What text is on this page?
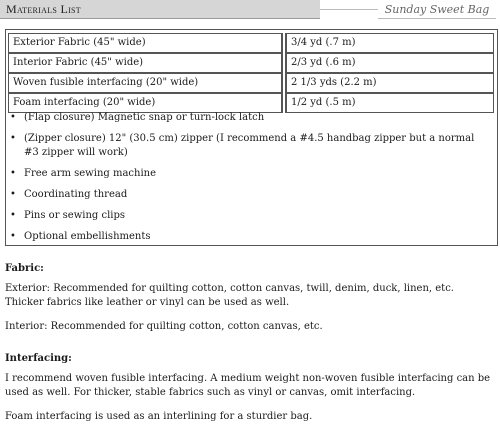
Materials List	Sunday Sweet Bag
Exterior Fabric (45" wide)		3/4 yd (.7 m)
Interior Fabric (45" wide)		2/3 yd (.6 m)
Woven fusible interfacing (20" wide)		2 1/3 yds (2.2 m)
Foam interfacing (20" wide)		1/2 yd (.5 m)
• (Flap closure) Magnetic snap or turn-lock latch
• (Zipper closure) 12" (30.5 cm) zipper (I recommend a #4.5 handbag zipper but a normal #3 zipper will work)
• Free arm sewing machine
• Coordinating thread
• Pins or sewing clips
• Optional embellishments
Fabric:

Exterior: Recommended for quilting cotton, cotton canvas, twill, denim, duck, linen, etc. Thicker fabrics like leather or vinyl can be used as well.

Interior: Recommended for quilting cotton, cotton canvas, etc.

Interfacing:

I recommend woven fusible interfacing. A medium weight non-woven fusible interfacing can be used as well. For thicker, stable fabrics such as vinyl or canvas, omit interfacing.

Foam interfacing is used as an interlining for a sturdier bag.
